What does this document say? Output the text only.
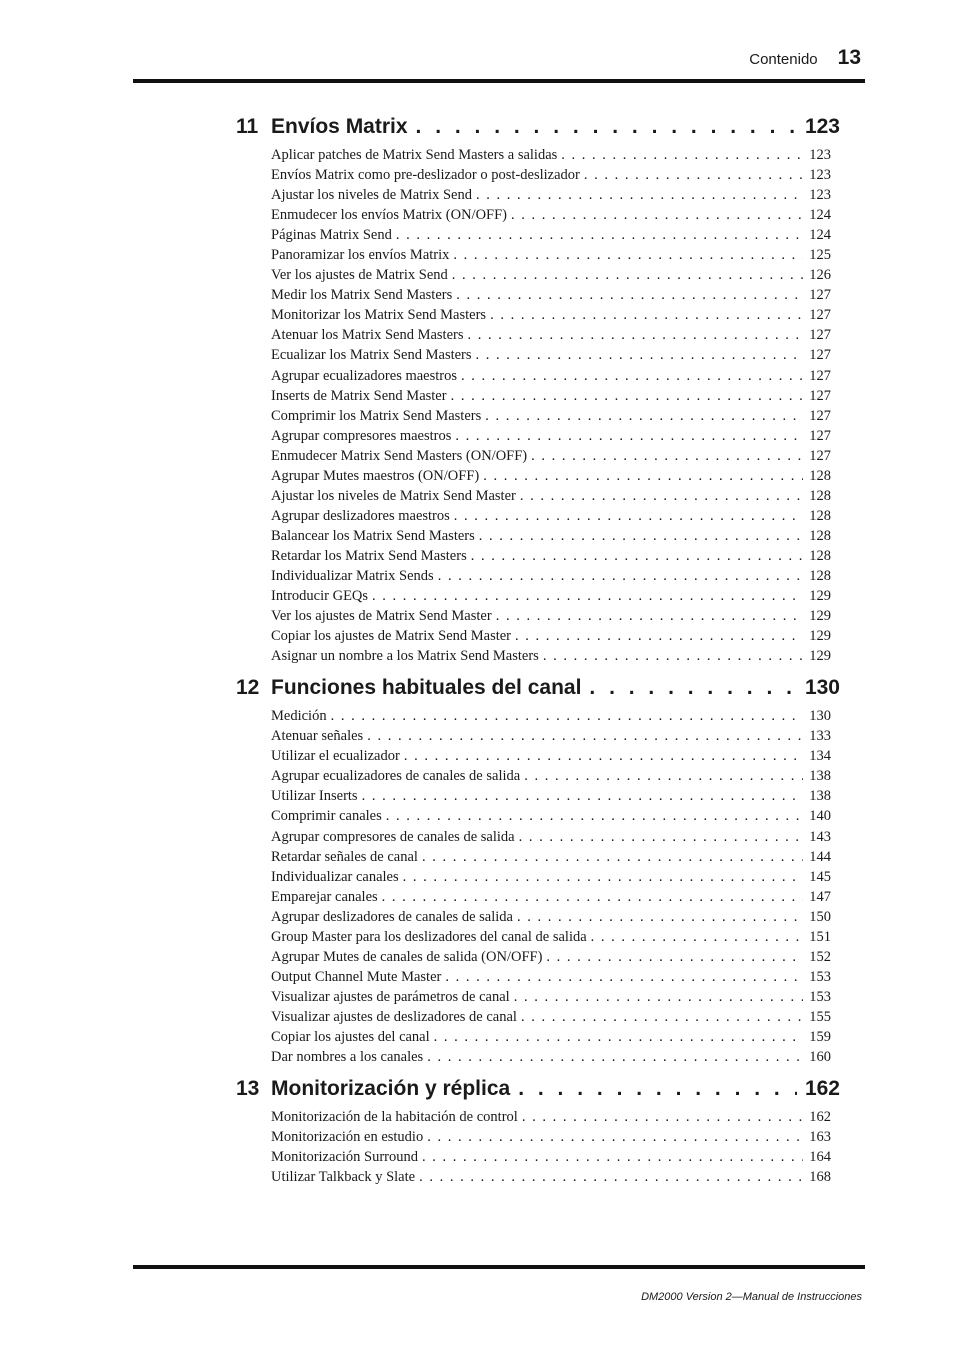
Contenido 13
11 Envíos Matrix . . .	123
Aplicar patches de Matrix Send Masters a salidas . . .	123
Envíos Matrix como pre-deslizador o post-deslizador . . .	123
Ajustar los niveles de Matrix Send . . .	123
Enmudecer los envíos Matrix (ON/OFF) . . .	124
Páginas Matrix Send . . .	124
Panoramizar los envíos Matrix . . .	125
Ver los ajustes de Matrix Send . . .	126
Medir los Matrix Send Masters . . .	127
Monitorizar los Matrix Send Masters . . .	127
Atenuar los Matrix Send Masters . . .	127
Ecualizar los Matrix Send Masters . . .	127
Agrupar ecualizadores maestros . . .	127
Inserts de Matrix Send Master . . .	127
Comprimir los Matrix Send Masters . . .	127
Agrupar compresores maestros . . .	127
Enmudecer Matrix Send Masters (ON/OFF) . . .	127
Agrupar Mutes maestros (ON/OFF) . . .	128
Ajustar los niveles de Matrix Send Master . . .	128
Agrupar deslizadores maestros . . .	128
Balancear los Matrix Send Masters . . .	128
Retardar los Matrix Send Masters . . .	128
Individualizar Matrix Sends . . .	128
Introducir GEQs . . .	129
Ver los ajustes de Matrix Send Master . . .	129
Copiar los ajustes de Matrix Send Master . . .	129
Asignar un nombre a los Matrix Send Masters . . .	129
12 Funciones habituales del canal . . .	130
Medición . . .	130
Atenuar señales . . .	133
Utilizar el ecualizador . . .	134
Agrupar ecualizadores de canales de salida . . .	138
Utilizar Inserts . . .	138
Comprimir canales . . .	140
Agrupar compresores de canales de salida . . .	143
Retardar señales de canal . . .	144
Individualizar canales . . .	145
Emparejar canales . . .	147
Agrupar deslizadores de canales de salida . . .	150
Group Master para los deslizadores del canal de salida . . .	151
Agrupar Mutes de canales de salida (ON/OFF) . . .	152
Output Channel Mute Master . . .	153
Visualizar ajustes de parámetros de canal . . .	153
Visualizar ajustes de deslizadores de canal . . .	155
Copiar los ajustes del canal . . .	159
Dar nombres a los canales . . .	160
13 Monitorización y réplica . . .	162
Monitorización de la habitación de control . . .	162
Monitorización en estudio . . .	163
Monitorización Surround . . .	164
Utilizar Talkback y Slate . . .	168
DM2000 Version 2—Manual de Instrucciones
